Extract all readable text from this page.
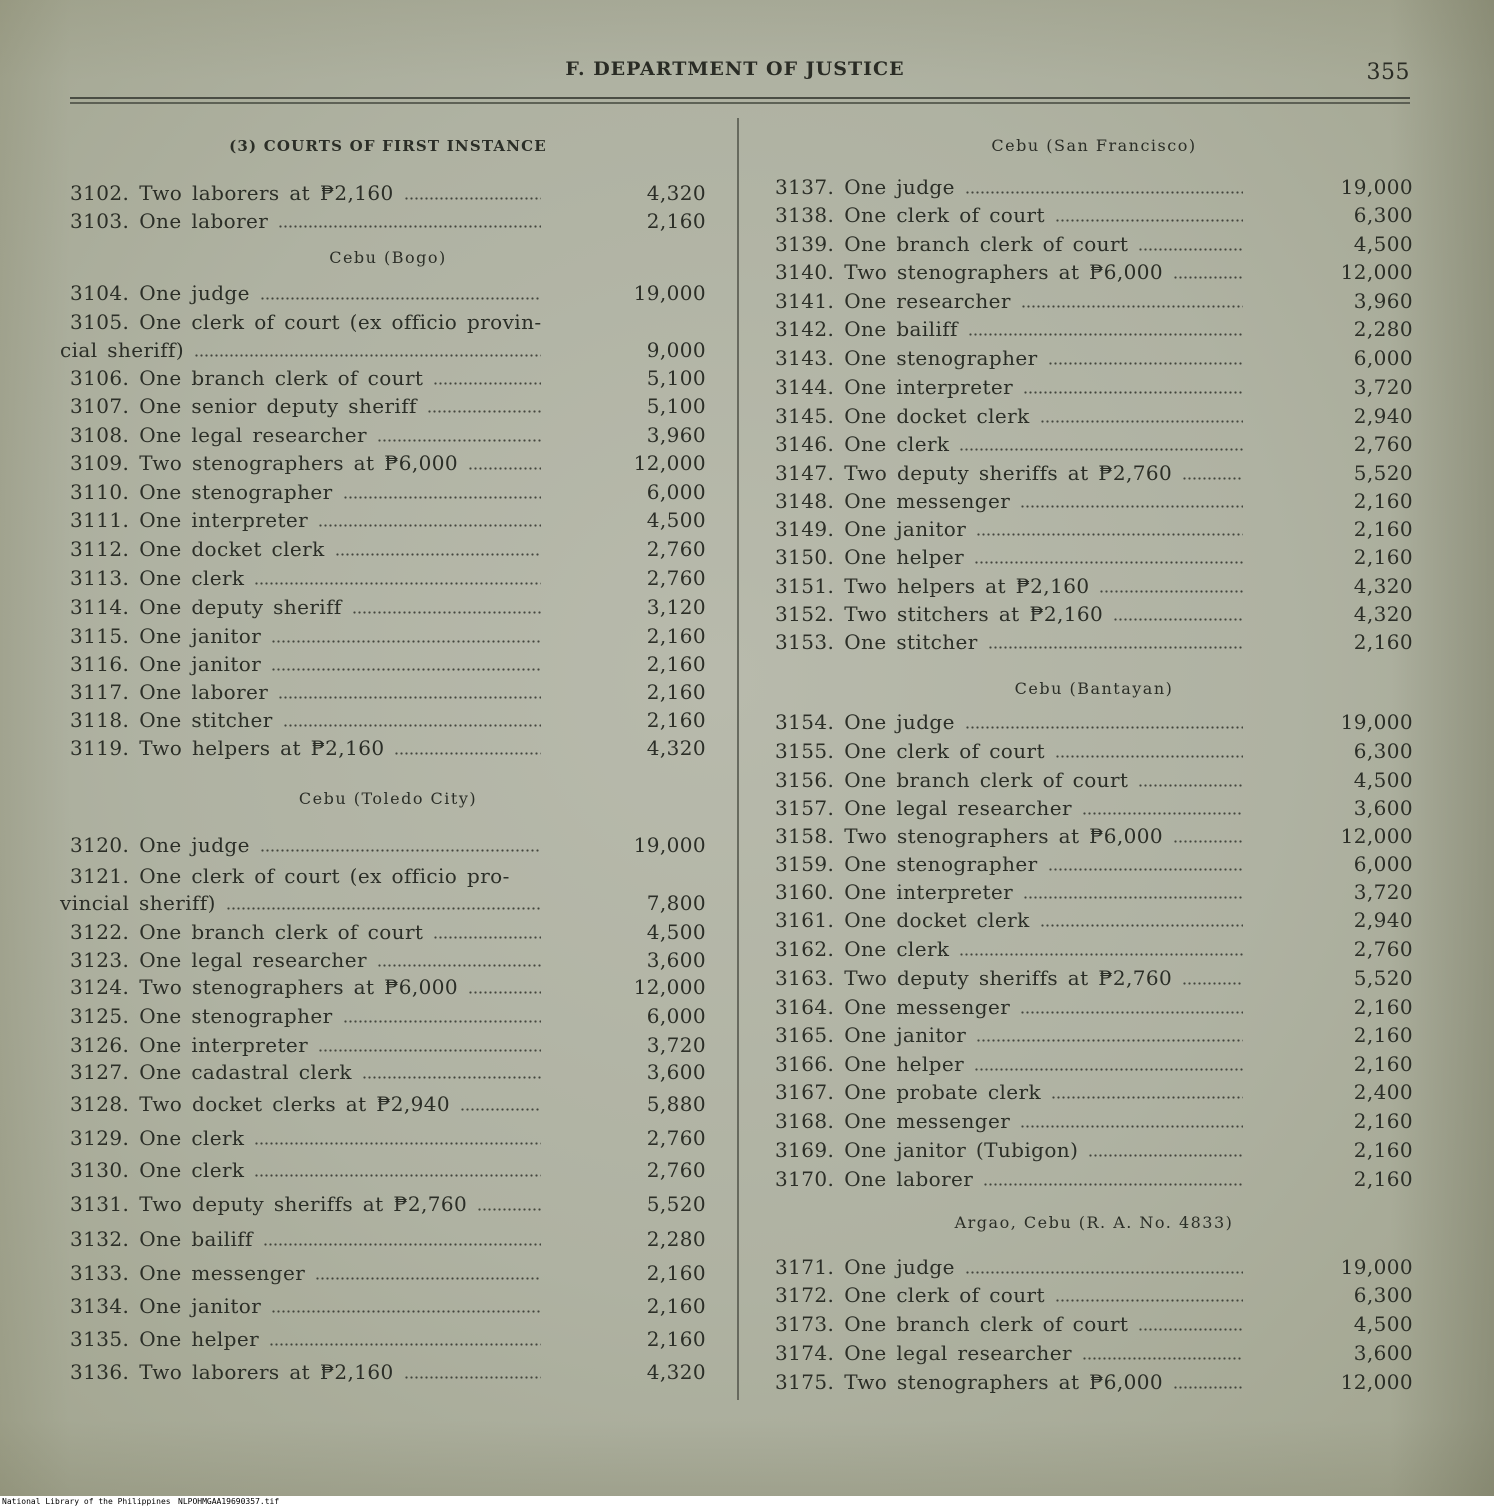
F. DEPARTMENT OF JUSTICE	355
(3) COURTS OF FIRST INSTANCE
3102. Two laborers at ₱2,160	4,320
3103. One laborer	2,160
Cebu (Bogo)
3104. One judge	19,000
3105. One clerk of court (ex officio provin-
cial sheriff)	9,000
3106. One branch clerk of court	5,100
3107. One senior deputy sheriff	5,100
3108. One legal researcher	3,960
3109. Two stenographers at ₱6,000	12,000
3110. One stenographer	6,000
3111. One interpreter	4,500
3112. One docket clerk	2,760
3113. One clerk	2,760
3114. One deputy sheriff	3,120
3115. One janitor	2,160
3116. One janitor	2,160
3117. One laborer	2,160
3118. One stitcher	2,160
3119. Two helpers at ₱2,160	4,320
Cebu (Toledo City)
3120. One judge	19,000
3121. One clerk of court (ex officio pro-
vincial sheriff)	7,800
3122. One branch clerk of court	4,500
3123. One legal researcher	3,600
3124. Two stenographers at ₱6,000	12,000
3125. One stenographer	6,000
3126. One interpreter	3,720
3127. One cadastral clerk	3,600
3128. Two docket clerks at ₱2,940	5,880
3129. One clerk	2,760
3130. One clerk	2,760
3131. Two deputy sheriffs at ₱2,760	5,520
3132. One bailiff	2,280
3133. One messenger	2,160
3134. One janitor	2,160
3135. One helper	2,160
3136. Two laborers at ₱2,160	4,320
Cebu (San Francisco)
3137. One judge	19,000
3138. One clerk of court	6,300
3139. One branch clerk of court	4,500
3140. Two stenographers at ₱6,000	12,000
3141. One researcher	3,960
3142. One bailiff	2,280
3143. One stenographer	6,000
3144. One interpreter	3,720
3145. One docket clerk	2,940
3146. One clerk	2,760
3147. Two deputy sheriffs at ₱2,760	5,520
3148. One messenger	2,160
3149. One janitor	2,160
3150. One helper	2,160
3151. Two helpers at ₱2,160	4,320
3152. Two stitchers at ₱2,160	4,320
3153. One stitcher	2,160
Cebu (Bantayan)
3154. One judge	19,000
3155. One clerk of court	6,300
3156. One branch clerk of court	4,500
3157. One legal researcher	3,600
3158. Two stenographers at ₱6,000	12,000
3159. One stenographer	6,000
3160. One interpreter	3,720
3161. One docket clerk	2,940
3162. One clerk	2,760
3163. Two deputy sheriffs at ₱2,760	5,520
3164. One messenger	2,160
3165. One janitor	2,160
3166. One helper	2,160
3167. One probate clerk	2,400
3168. One messenger	2,160
3169. One janitor (Tubigon)	2,160
3170. One laborer	2,160
Argao, Cebu (R. A. No. 4833)
3171. One judge	19,000
3172. One clerk of court	6,300
3173. One branch clerk of court	4,500
3174. One legal researcher	3,600
3175. Two stenographers at ₱6,000	12,000
National Library of the Philippines NLPOHMGAA19690357.tif
